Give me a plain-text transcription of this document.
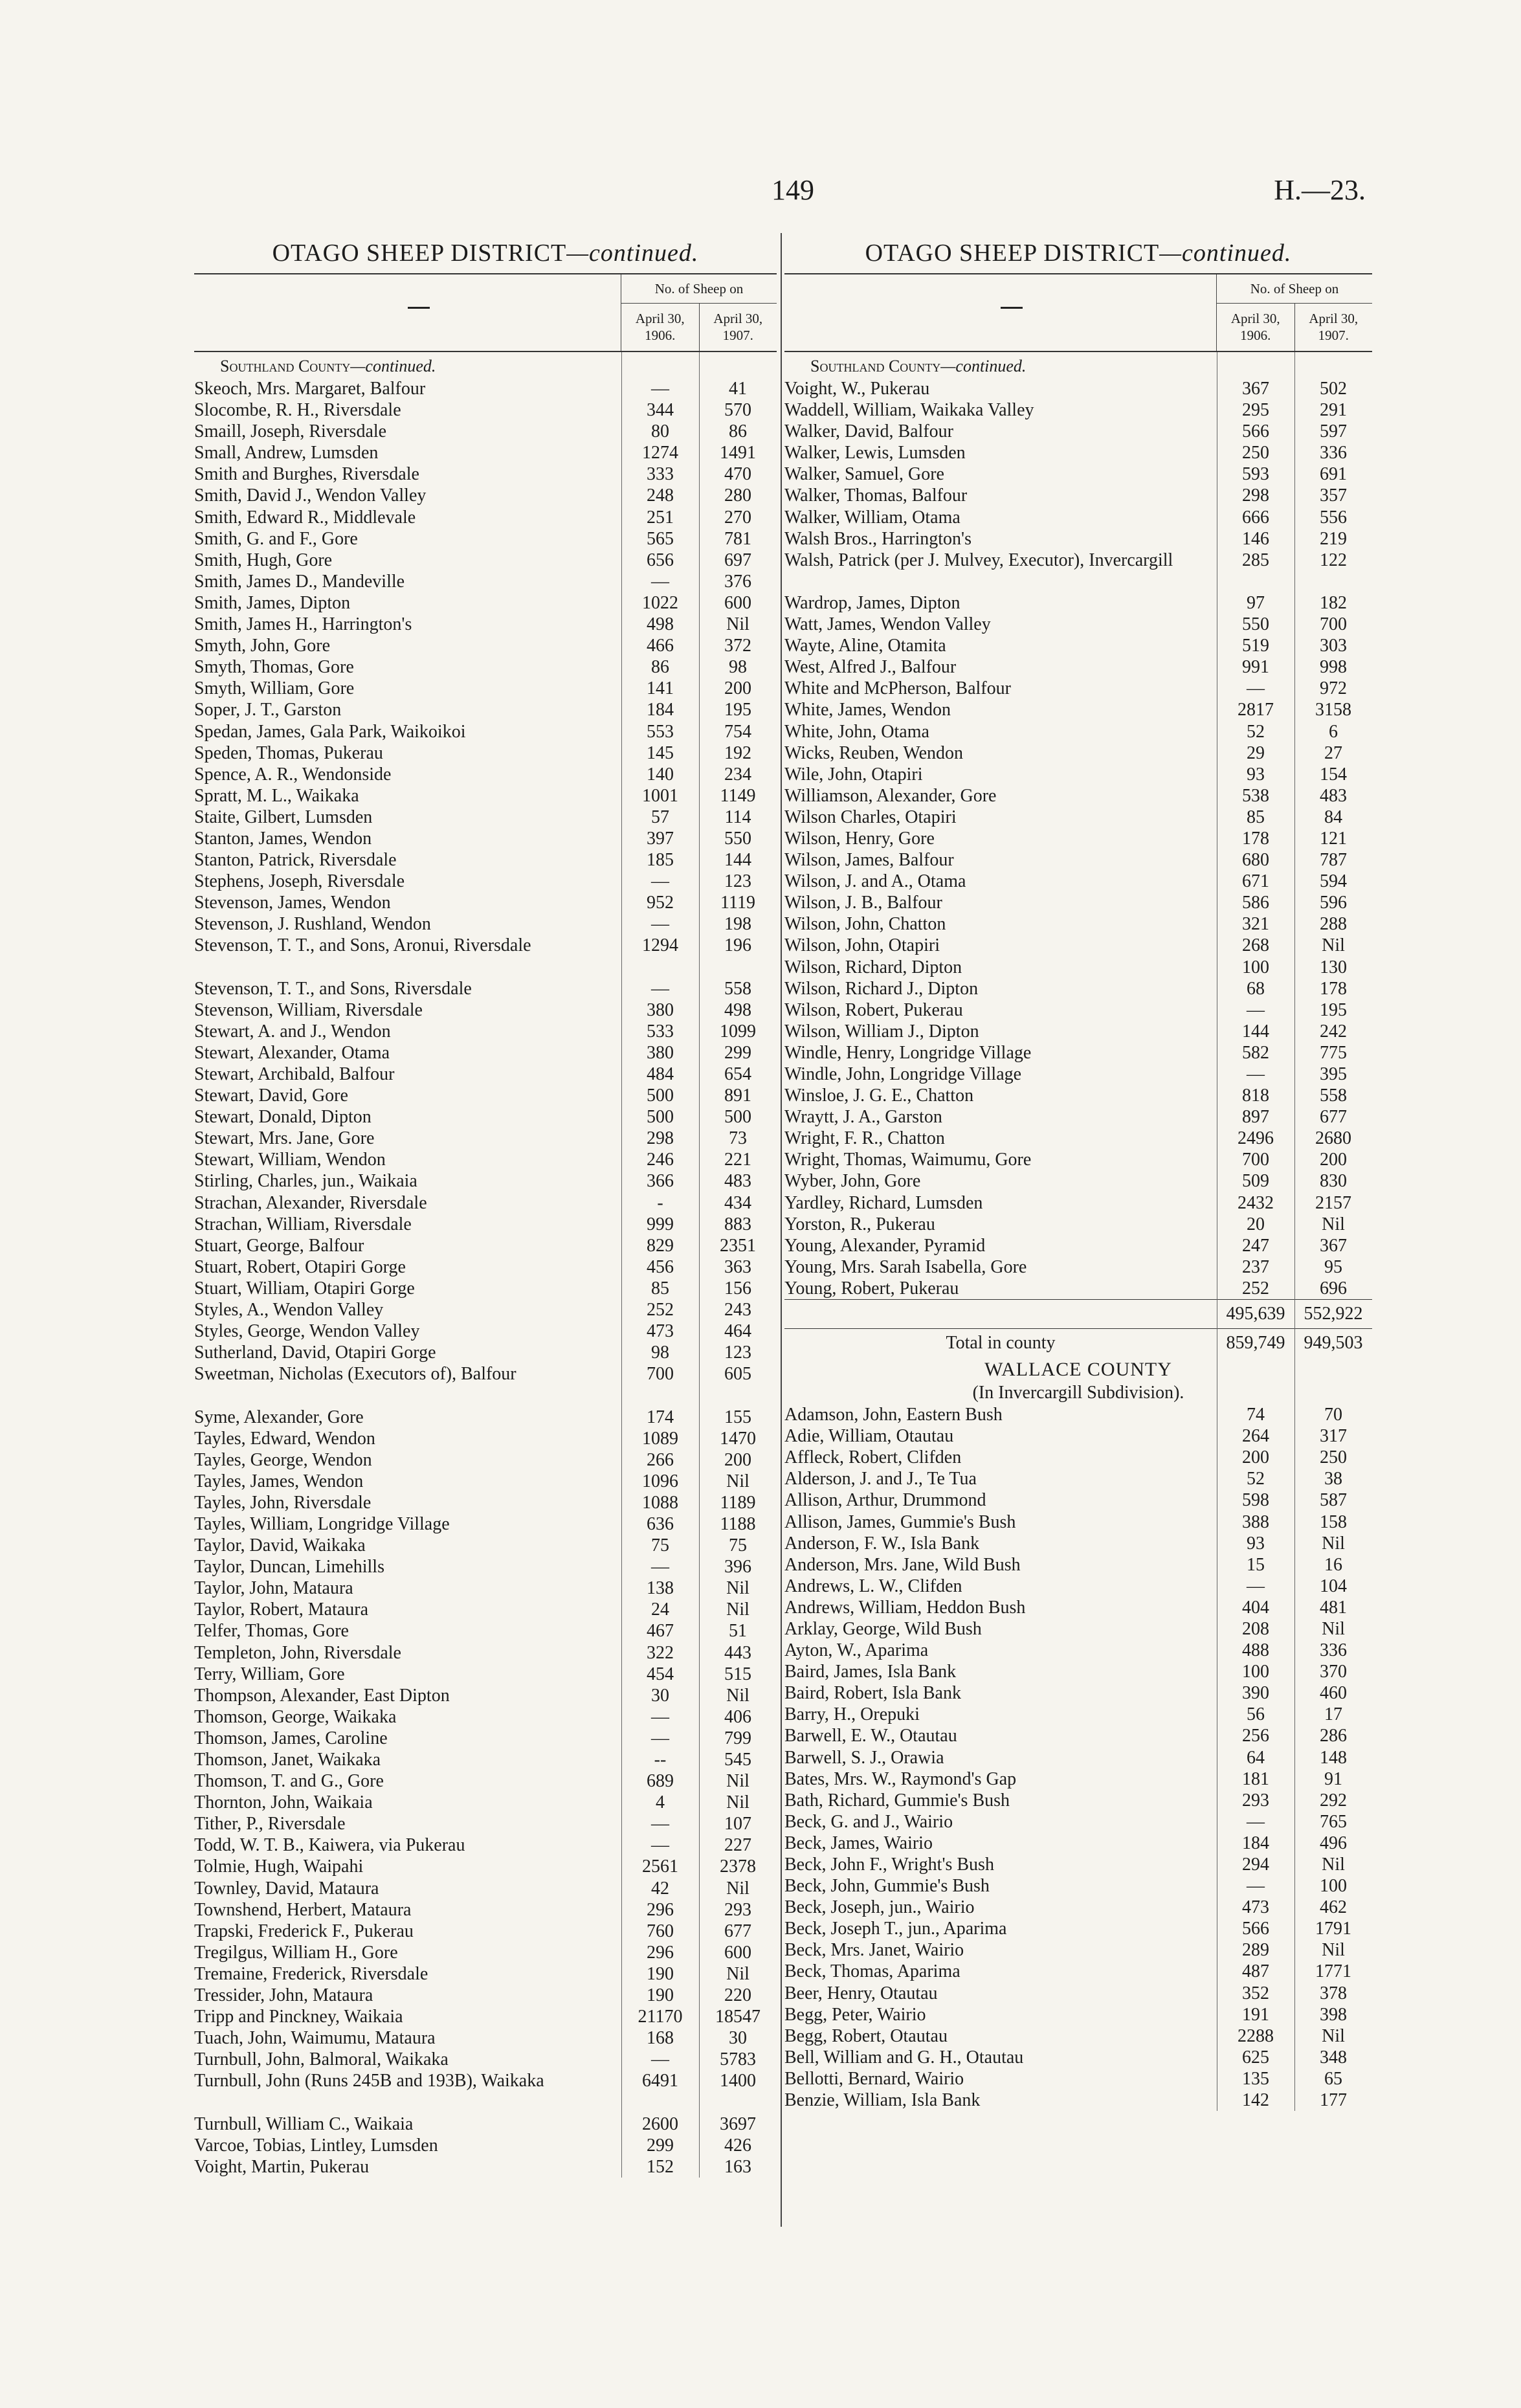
149	H.—23.
OTAGO SHEEP DISTRICT—continued.
No. of Sheep on
April 30, 1906.
April 30, 1907.
Southland County—continued.
Skeoch, Mrs. Margaret, Balfour	—	41
Slocombe, R. H., Riversdale	344	570
Smaill, Joseph, Riversdale	80	86
Small, Andrew, Lumsden	1274	1491
Smith and Burghes, Riversdale	333	470
Smith, David J., Wendon Valley	248	280
Smith, Edward R., Middlevale	251	270
Smith, G. and F., Gore	565	781
Smith, Hugh, Gore	656	697
Smith, James D., Mandeville	—	376
Smith, James, Dipton	1022	600
Smith, James H., Harrington's	498	Nil
Smyth, John, Gore	466	372
Smyth, Thomas, Gore	86	98
Smyth, William, Gore	141	200
Soper, J. T., Garston	184	195
Spedan, James, Gala Park, Waikoikoi	553	754
Speden, Thomas, Pukerau	145	192
Spence, A. R., Wendonside	140	234
Spratt, M. L., Waikaka	1001	1149
Staite, Gilbert, Lumsden	57	114
Stanton, James, Wendon	397	550
Stanton, Patrick, Riversdale	185	144
Stephens, Joseph, Riversdale	—	123
Stevenson, James, Wendon	952	1119
Stevenson, J. Rushland, Wendon	—	198
Stevenson, T. T., and Sons, Aronui, Riversdale	1294	196
Stevenson, T. T., and Sons, Riversdale	—	558
Stevenson, William, Riversdale	380	498
Stewart, A. and J., Wendon	533	1099
Stewart, Alexander, Otama	380	299
Stewart, Archibald, Balfour	484	654
Stewart, David, Gore	500	891
Stewart, Donald, Dipton	500	500
Stewart, Mrs. Jane, Gore	298	73
Stewart, William, Wendon	246	221
Stirling, Charles, jun., Waikaia	366	483
Strachan, Alexander, Riversdale	-	434
Strachan, William, Riversdale	999	883
Stuart, George, Balfour	829	2351
Stuart, Robert, Otapiri Gorge	456	363
Stuart, William, Otapiri Gorge	85	156
Styles, A., Wendon Valley	252	243
Styles, George, Wendon Valley	473	464
Sutherland, David, Otapiri Gorge	98	123
Sweetman, Nicholas (Executors of), Balfour	700	605
Syme, Alexander, Gore	174	155
Tayles, Edward, Wendon	1089	1470
Tayles, George, Wendon	266	200
Tayles, James, Wendon	1096	Nil
Tayles, John, Riversdale	1088	1189
Tayles, William, Longridge Village	636	1188
Taylor, David, Waikaka	75	75
Taylor, Duncan, Limehills	—	396
Taylor, John, Mataura	138	Nil
Taylor, Robert, Mataura	24	Nil
Telfer, Thomas, Gore	467	51
Templeton, John, Riversdale	322	443
Terry, William, Gore	454	515
Thompson, Alexander, East Dipton	30	Nil
Thomson, George, Waikaka	—	406
Thomson, James, Caroline	—	799
Thomson, Janet, Waikaka	--	545
Thomson, T. and G., Gore	689	Nil
Thornton, John, Waikaia	4	Nil
Tither, P., Riversdale	—	107
Todd, W. T. B., Kaiwera, via Pukerau	—	227
Tolmie, Hugh, Waipahi	2561	2378
Townley, David, Mataura	42	Nil
Townshend, Herbert, Mataura	296	293
Trapski, Frederick F., Pukerau	760	677
Tregilgus, William H., Gore	296	600
Tremaine, Frederick, Riversdale	190	Nil
Tressider, John, Mataura	190	220
Tripp and Pinckney, Waikaia	21170	18547
Tuach, John, Waimumu, Mataura	168	30
Turnbull, John, Balmoral, Waikaka	—	5783
Turnbull, John (Runs 245B and 193B), Waikaka	6491	1400
Turnbull, William C., Waikaia	2600	3697
Varcoe, Tobias, Lintley, Lumsden	299	426
Voight, Martin, Pukerau	152	163
OTAGO SHEEP DISTRICT—continued.
No. of Sheep on
April 30, 1906.
April 30, 1907.
Southland County—continued.
Voight, W., Pukerau	367	502
Waddell, William, Waikaka Valley	295	291
Walker, David, Balfour	566	597
Walker, Lewis, Lumsden	250	336
Walker, Samuel, Gore	593	691
Walker, Thomas, Balfour	298	357
Walker, William, Otama	666	556
Walsh Bros., Harrington's	146	219
Walsh, Patrick (per J. Mulvey, Executor), Invercargill	285	122
Wardrop, James, Dipton	97	182
Watt, James, Wendon Valley	550	700
Wayte, Aline, Otamita	519	303
West, Alfred J., Balfour	991	998
White and McPherson, Balfour	—	972
White, James, Wendon	2817	3158
White, John, Otama	52	6
Wicks, Reuben, Wendon	29	27
Wile, John, Otapiri	93	154
Williamson, Alexander, Gore	538	483
Wilson Charles, Otapiri	85	84
Wilson, Henry, Gore	178	121
Wilson, James, Balfour	680	787
Wilson, J. and A., Otama	671	594
Wilson, J. B., Balfour	586	596
Wilson, John, Chatton	321	288
Wilson, John, Otapiri	268	Nil
Wilson, Richard, Dipton	100	130
Wilson, Richard J., Dipton	68	178
Wilson, Robert, Pukerau	—	195
Wilson, William J., Dipton	144	242
Windle, Henry, Longridge Village	582	775
Windle, John, Longridge Village	—	395
Winsloe, J. G. E., Chatton	818	558
Wraytt, J. A., Garston	897	677
Wright, F. R., Chatton	2496	2680
Wright, Thomas, Waimumu, Gore	700	200
Wyber, John, Gore	509	830
Yardley, Richard, Lumsden	2432	2157
Yorston, R., Pukerau	20	Nil
Young, Alexander, Pyramid	247	367
Young, Mrs. Sarah Isabella, Gore	237	95
Young, Robert, Pukerau	252	696
495,639	552,922
Total in county	859,749	949,503
WALLACE COUNTY
(In Invercargill Subdivision).
Adamson, John, Eastern Bush	74	70
Adie, William, Otautau	264	317
Affleck, Robert, Clifden	200	250
Alderson, J. and J., Te Tua	52	38
Allison, Arthur, Drummond	598	587
Allison, James, Gummie's Bush	388	158
Anderson, F. W., Isla Bank	93	Nil
Anderson, Mrs. Jane, Wild Bush	15	16
Andrews, L. W., Clifden	—	104
Andrews, William, Heddon Bush	404	481
Arklay, George, Wild Bush	208	Nil
Ayton, W., Aparima	488	336
Baird, James, Isla Bank	100	370
Baird, Robert, Isla Bank	390	460
Barry, H., Orepuki	56	17
Barwell, E. W., Otautau	256	286
Barwell, S. J., Orawia	64	148
Bates, Mrs. W., Raymond's Gap	181	91
Bath, Richard, Gummie's Bush	293	292
Beck, G. and J., Wairio	—	765
Beck, James, Wairio	184	496
Beck, John F., Wright's Bush	294	Nil
Beck, John, Gummie's Bush	—	100
Beck, Joseph, jun., Wairio	473	462
Beck, Joseph T., jun., Aparima	566	1791
Beck, Mrs. Janet, Wairio	289	Nil
Beck, Thomas, Aparima	487	1771
Beer, Henry, Otautau	352	378
Begg, Peter, Wairio	191	398
Begg, Robert, Otautau	2288	Nil
Bell, William and G. H., Otautau	625	348
Bellotti, Bernard, Wairio	135	65
Benzie, William, Isla Bank	142	177
